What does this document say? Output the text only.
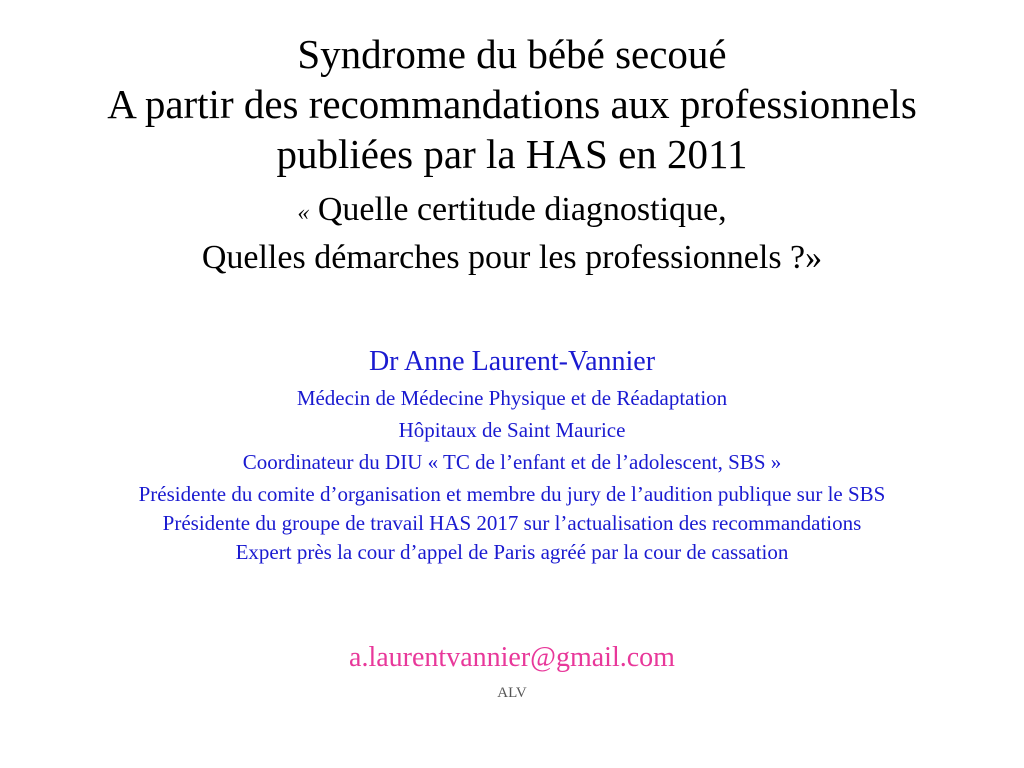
Syndrome du bébé secoué

A partir des recommandations aux professionnels

publiées par la HAS en 2011

« Quelle certitude diagnostique,

Quelles démarches pour les professionnels ?»

Dr Anne Laurent-Vannier

Médecin de Médecine Physique et de Réadaptation

Hôpitaux de Saint Maurice

Coordinateur du DIU « TC de l’enfant et de l’adolescent, SBS »

Présidente du comite d’organisation et membre du jury de l’audition publique sur le SBS

Présidente du groupe de travail HAS 2017 sur l’actualisation des recommandations

Expert près la cour d’appel de Paris agréé par la cour de cassation

a.laurentvannier@gmail.com

ALV
